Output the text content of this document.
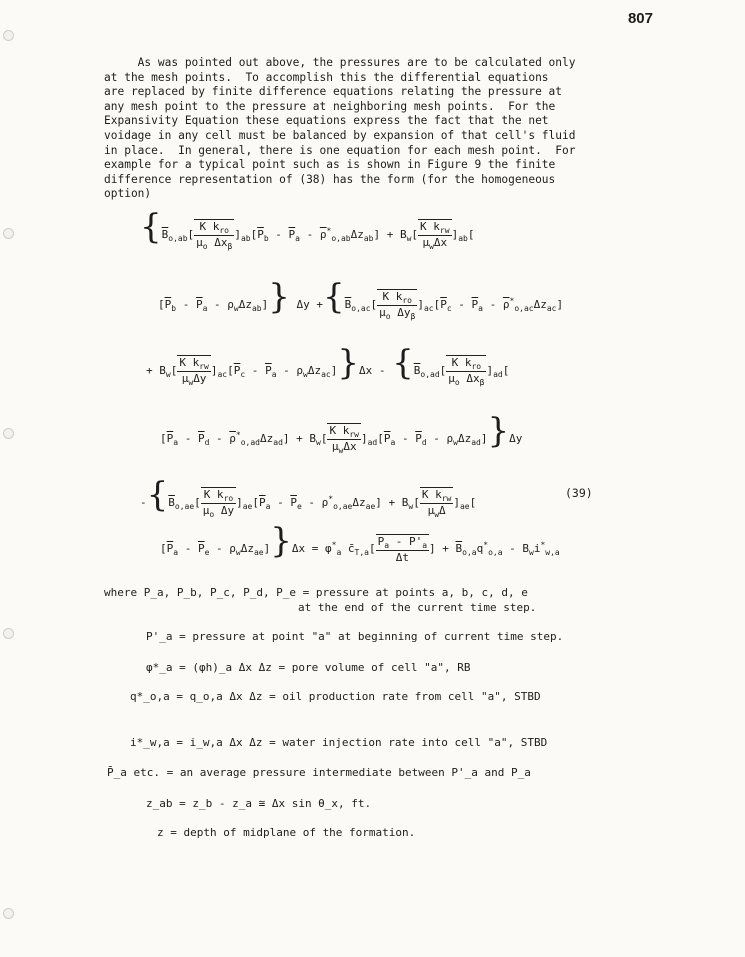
807
As was pointed out above, the pressures are to be calculated only
at the mesh points.  To accomplish this the differential equations
are replaced by finite difference equations relating the pressure at
any mesh point to the pressure at neighboring mesh points.  For the
Expansivity Equation these equations express the fact that the net
voidage in any cell must be balanced by expansion of that cell's fluid
in place.  In general, there is one equation for each mesh point.  For
example for a typical point such as is shown in Figure 9 the finite
difference representation of (38) has the form (for the homogeneous
option)
{$\overline{B}_{o,ab}[ \frac{K k_{ro}}{\mu_o \Delta x_\beta} ]_{ab}[\overline{P}_b - \overline{P}_a - \overline{\rho}^*_{o,ab}\Delta z_{ab}] + B_w[ \frac{K k_{rw}}{\mu_w\Delta x} ]_{ab}$[
$[\overline{P}_b - \overline{P}_a - \rho_w\Delta z_{ab}]$} $\Delta y +\{\overline{B}_{o,ac}[ \frac{K k_{ro}}{\mu_o \Delta y_\beta} ]_{ac}[\overline{P}_c - \overline{P}_a - \overline{\rho}^*_{o,ac}\Delta z_{ac}]$
+ $B_w[ \frac{K k_{rw}}{\mu_w\Delta y} ]_{ac}[\overline{P}_c - \overline{P}_a - \rho_w\Delta z_{ac}]\}\Delta x - \{\overline{B}_{o,ad}[ \frac{K k_{ro}}{\mu_o \Delta x_\beta} ]_{ad}$[
$[\overline{P}_a - \overline{P}_d - \overline{\rho}^*_{o,ad}\Delta z_{ad}] + B_w[ \frac{K k_{rw}}{\mu_w\Delta x} ]_{ad}[\overline{P}_a - \overline{P}_d - \rho_w\Delta z_{ad}]\}\Delta y$
$-\{\overline{B}_{o,ae}[ \frac{K k_{ro}}{\mu_o \Delta y} ]_{ae}[\overline{P}_a - \overline{P}_e - \rho^*_{o,ae}\Delta z_{ae}] + B_w[ \frac{K k_{rw}}{\mu_w\Delta} ]_{ae}$[
(39)
$[\overline{P}_a - \overline{P}_e - \rho_w\Delta z_{ae}]\}\Delta x = \varphi^*_a$ $c̄_{T,a}[ \frac{P_a - P'_a}{\Delta t}$ ] + $\overline{B}_{o,a}q^*_{o,a} - B_wi^*_{w,a}$
where P_a, P_b, P_c, P_d, P_e = pressure at points a, b, c, d, e
at the end of the current time step.
P'_a = pressure at point "a" at beginning of current time step.
φ*_a = (φh)_a Δx Δz = pore volume of cell "a", RB
q*_o,a = q_o,a Δx Δz = oil production rate from cell "a", STBD
i*_w,a = i_w,a Δx Δz = water injection rate into cell "a", STBD
P̄_a etc. = an average pressure intermediate between P'_a and P_a
z_ab = z_b - z_a ≅ Δx sin θ_x, ft.
z = depth of midplane of the formation.
